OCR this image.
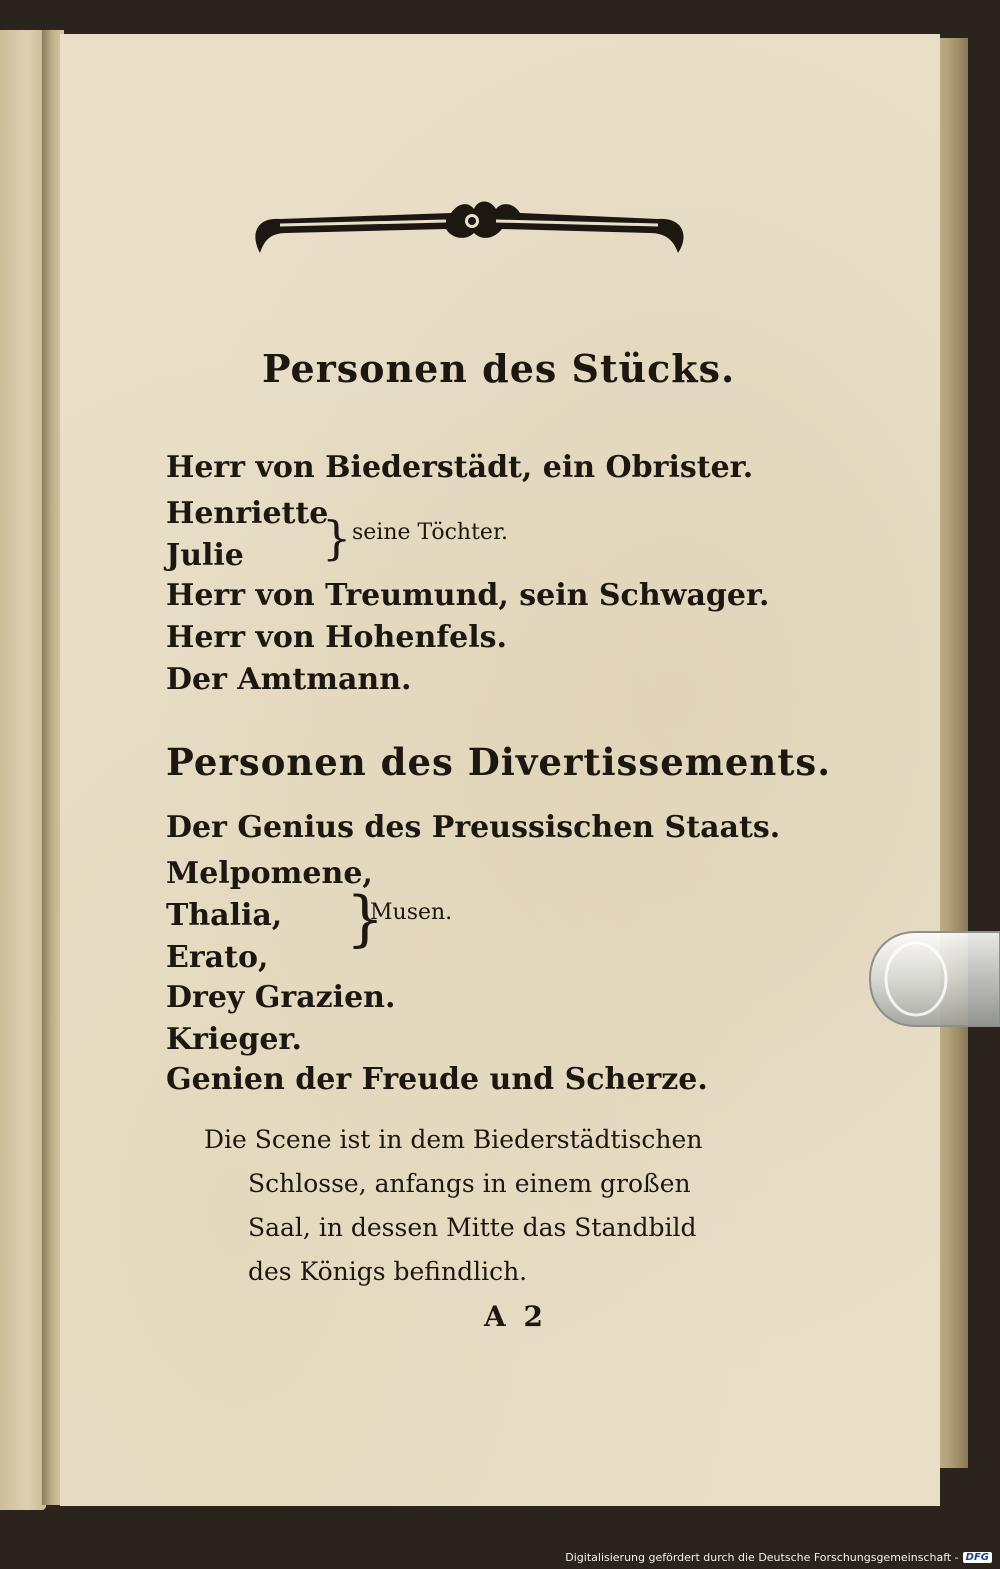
Personen des Stücks.

Herr von Biederstädt, ein Obrister.

Henriette
Julie } seine Töchter.

Herr von Treumund, sein Schwager.

Herr von Hohenfels.

Der Amtmann.

Personen des Divertissements.

Der Genius des Preussischen Staats.

Melpomene,
Thalia,
Erato,
}
Musen.

Drey Grazien.

Krieger.

Genien der Freude und Scherze.

Die Scene ist in dem Biederstädtischen
Schlosse, anfangs in einem großen
Saal, in dessen Mitte das Standbild
des Königs befindlich.
A 2
Digitalisierung gefördert durch die Deutsche Forschungsgemeinschaft - DFG
